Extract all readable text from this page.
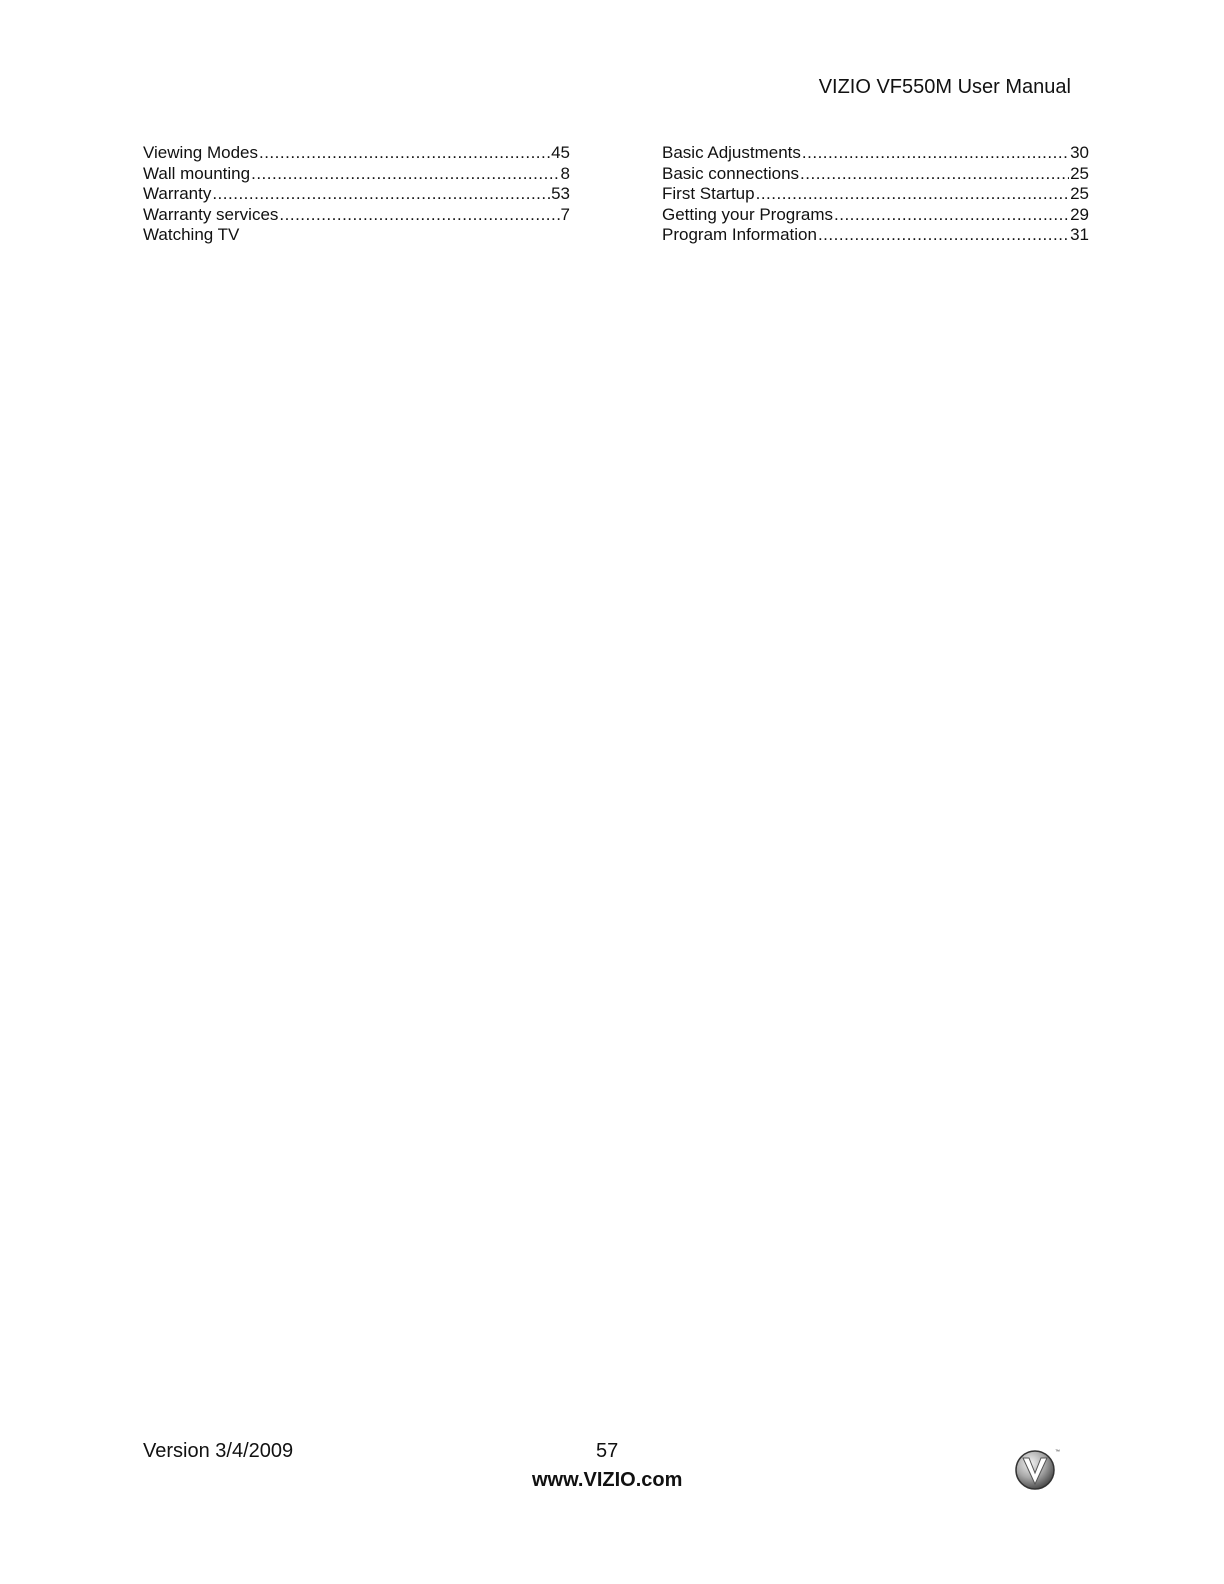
VIZIO VF550M User Manual
Viewing Modes .....	45
Wall mounting .....	8
Warranty .....	53
Warranty services .....	7
Watching TV
Basic Adjustments .....	30
Basic connections .....	25
First Startup .....	25
Getting your Programs .....	29
Program Information .....	31
Version 3/4/2009	57
www.VIZIO.com
™
